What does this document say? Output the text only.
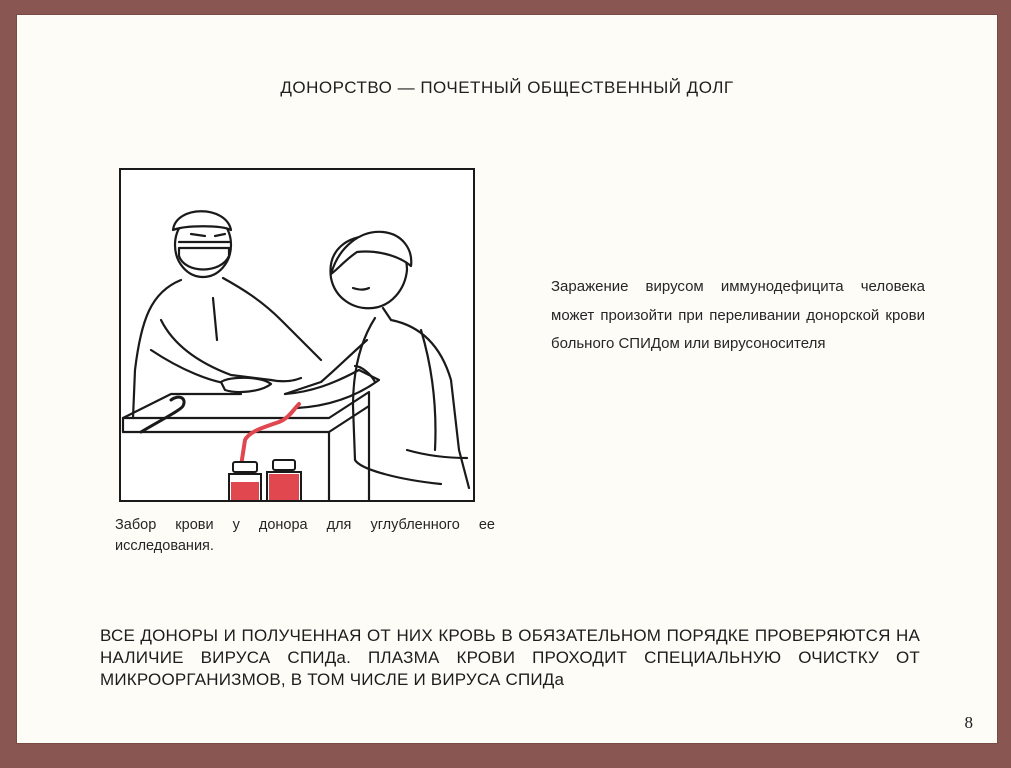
ДОНОРСТВО — ПОЧЕТНЫЙ ОБЩЕСТВЕННЫЙ ДОЛГ

Забор крови у донора для углубленного ее исследования.

Заражение вирусом иммунодефицита человека может произойти при переливании донорской крови больного СПИДом или вирусоносителя

ВСЕ ДОНОРЫ И ПОЛУЧЕННАЯ ОТ НИХ КРОВЬ В ОБЯЗАТЕЛЬНОМ ПОРЯДКЕ ПРОВЕРЯЮТСЯ НА НАЛИЧИЕ ВИРУСА СПИДа. ПЛАЗМА КРОВИ ПРОХОДИТ СПЕЦИАЛЬНУЮ ОЧИСТКУ ОТ МИКРООРГАНИЗМОВ, В ТОМ ЧИСЛЕ И ВИРУСА СПИДа

8
